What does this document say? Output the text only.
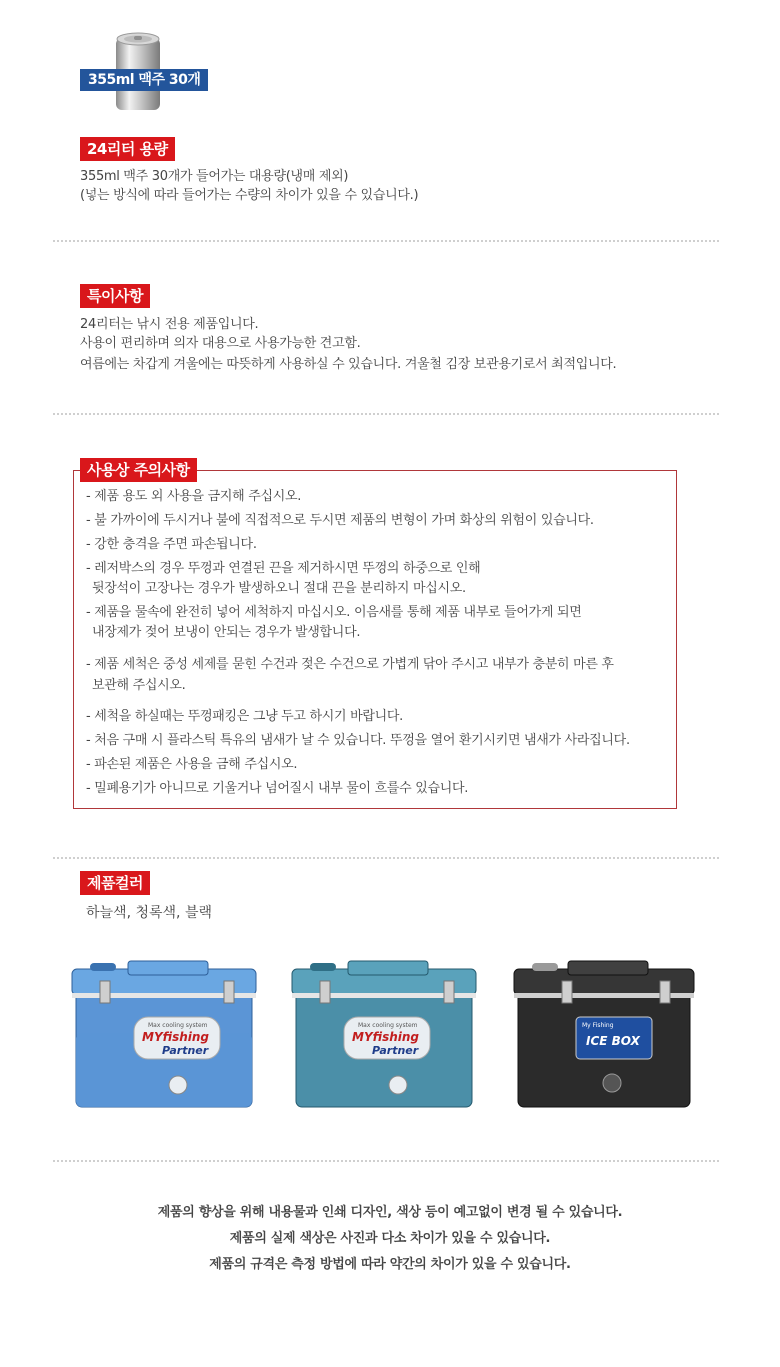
355ml 맥주 30개
24리터 용량
355ml 맥주 30개가 들어가는 대용량(냉매 제외)
(넣는 방식에 따라 들어가는 수량의 차이가 있을 수 있습니다.)
특이사항
24리터는 낚시 전용 제품입니다.
사용이 편리하며 의자 대용으로 사용가능한 견고함.
여름에는 차갑게 겨울에는 따뜻하게 사용하실 수 있습니다. 겨울철 김장 보관용기로서 최적입니다.
사용상 주의사항
- 제품 용도 외 사용을 금지해 주십시오.
- 불 가까이에 두시거나 불에 직접적으로 두시면 제품의 변형이 가며 화상의 위험이 있습니다.
- 강한 충격을 주면 파손됩니다.
- 레저박스의 경우 뚜껑과 연결된 끈을 제거하시면 뚜껑의 하중으로 인해
뒷장석이 고장나는 경우가 발생하오니 절대 끈을 분리하지 마십시오.
- 제품을 물속에 완전히 넣어 세척하지 마십시오. 이음새를 통해 제품 내부로 들어가게 되면
내장제가 젖어 보냉이 안되는 경우가 발생합니다.
- 제품 세척은 중성 세제를 묻힌 수건과 젖은 수건으로 가볍게 닦아 주시고 내부가 충분히 마른 후
보관해 주십시오.
- 세척을 하실때는 뚜껑패킹은 그냥 두고 하시기 바랍니다.
- 처음 구매 시 플라스틱 특유의 냄새가 날 수 있습니다. 뚜껑을 열어 환기시키면 냄새가 사라집니다.
- 파손된 제품은 사용을 금해 주십시오.
- 밀폐용기가 아니므로 기울거나 넘어질시 내부 물이 흐를수 있습니다.
제품컬러
하늘색, 청록색, 블랙
Max cooling system
MYfishing
Partner
Max cooling system
MYfishing
Partner
My Fishing
ICE BOX
제품의 향상을 위해 내용물과 인쇄 디자인, 색상 등이 예고없이 변경 될 수 있습니다.
제품의 실제 색상은 사진과 다소 차이가 있을 수 있습니다.
제품의 규격은 측정 방법에 따라 약간의 차이가 있을 수 있습니다.
